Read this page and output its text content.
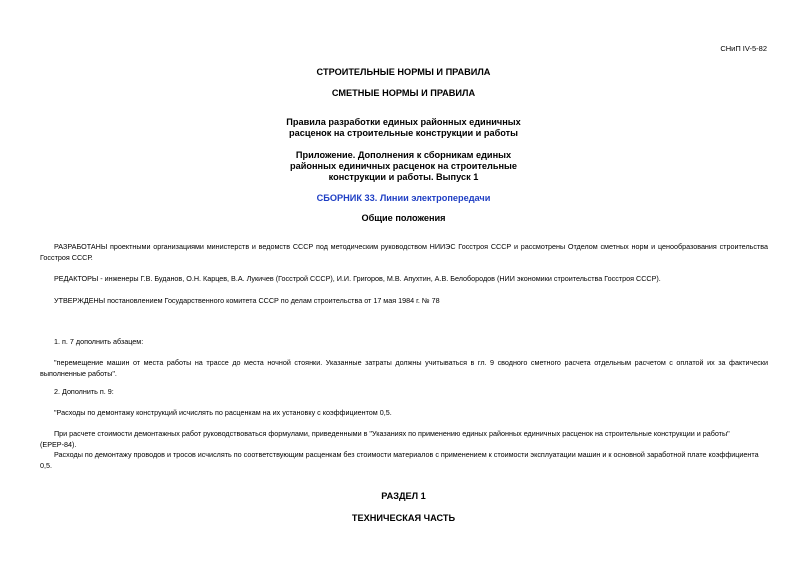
СНиП IV-5-82
СТРОИТЕЛЬНЫЕ НОРМЫ И ПРАВИЛА
СМЕТНЫЕ НОРМЫ И ПРАВИЛА
Правила разработки единых районных единичных
расценок на строительные конструкции и работы
Приложение. Дополнения к сборникам единых
районных единичных расценок на строительные
конструкции и работы. Выпуск 1
СБОРНИК 33. Линии электропередачи
Общие положения
РАЗРАБОТАНЫ проектными организациями министерств и ведомств СССР под методическим руководством НИИЭС Госстроя СССР и рассмотрены Отделом сметных норм и ценообразования строительства Госстроя СССР.
РЕДАКТОРЫ - инженеры Г.В. Буданов, О.Н. Карцев, В.А. Лукичев (Госстрой СССР), И.И. Григоров, М.В. Апухтин, А.В. Белобородов (НИИ экономики строительства Госстроя СССР).
УТВЕРЖДЕНЫ постановлением Государственного комитета СССР по делам строительства от 17 мая 1984 г. № 78
1. п. 7 дополнить абзацем:
"перемещение машин от места работы на трассе до места ночной стоянки. Указанные затраты должны учитываться в гл. 9 сводного сметного расчета отдельным расчетом с оплатой их за фактически выполненные работы".
2. Дополнить п. 9:
"Расходы по демонтажу конструкций исчислять по расценкам на их установку с коэффициентом 0,5.
При расчете стоимости демонтажных работ руководствоваться формулами, приведенными в "Указаниях по применению единых районных единичных расценок на строительные конструкции и работы" (ЕРЕР-84).
Расходы по демонтажу проводов и тросов исчислять по соответствующим расценкам без стоимости материалов с применением к стоимости эксплуатации машин и к основной заработной плате коэффициента 0,5.
РАЗДЕЛ 1
ТЕХНИЧЕСКАЯ ЧАСТЬ
